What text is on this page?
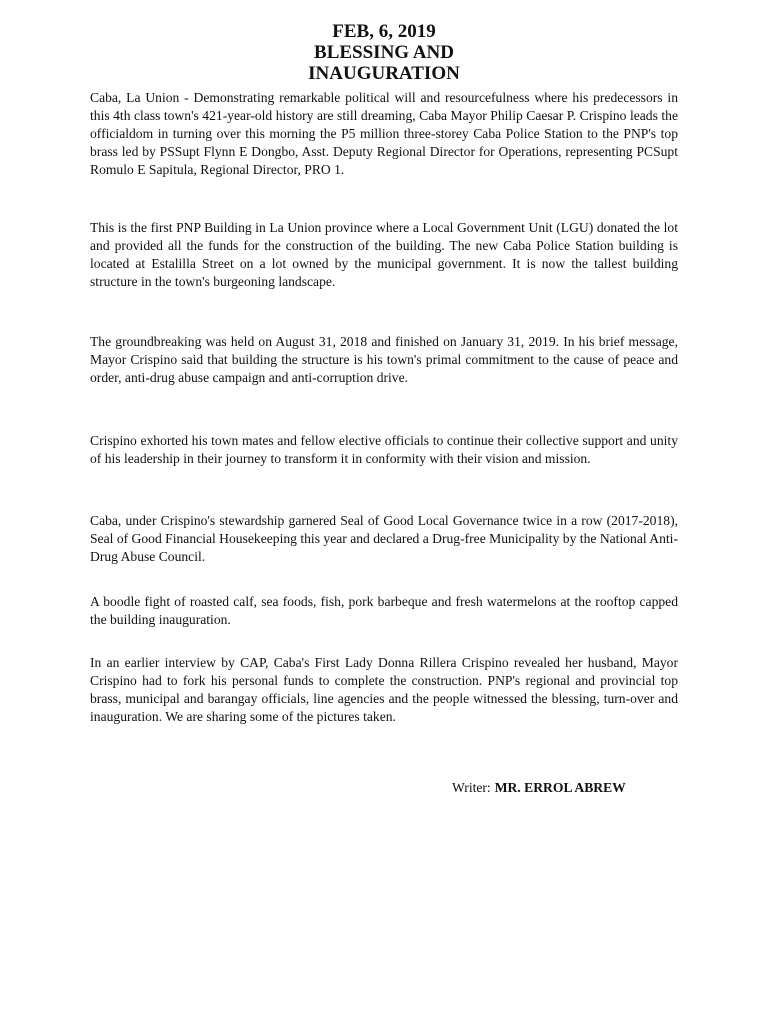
FEB, 6, 2019
BLESSING AND
INAUGURATION

Caba, La Union - Demonstrating remarkable political will and resourcefulness where his predecessors in this 4th class town's 421-year-old history are still dreaming, Caba Mayor Philip Caesar P. Crispino leads the officialdom in turning over this morning the P5 million three-storey Caba Police Station to the PNP's top brass led by PSSupt Flynn E Dongbo, Asst. Deputy Regional Director for Operations, representing PCSupt Romulo E Sapitula, Regional Director, PRO 1.

This is the first PNP Building in La Union province where a Local Government Unit (LGU) donated the lot and provided all the funds for the construction of the building. The new Caba Police Station building is located at Estalilla Street on a lot owned by the municipal government. It is now the tallest building structure in the town's burgeoning landscape.

The groundbreaking was held on August 31, 2018 and finished on January 31, 2019. In his brief message, Mayor Crispino said that building the structure is his town's primal commitment to the cause of peace and order, anti-drug abuse campaign and anti-corruption drive.

Crispino exhorted his town mates and fellow elective officials to continue their collective support and unity of his leadership in their journey to transform it in conformity with their vision and mission.

Caba, under Crispino's stewardship garnered Seal of Good Local Governance twice in a row (2017-2018), Seal of Good Financial Housekeeping this year and declared a Drug-free Municipality by the National Anti-Drug Abuse Council.

A boodle fight of roasted calf, sea foods, fish, pork barbeque and fresh watermelons at the rooftop capped the building inauguration.

In an earlier interview by CAP, Caba's First Lady Donna Rillera Crispino revealed her husband, Mayor Crispino had to fork his personal funds to complete the construction. PNP's regional and provincial top brass, municipal and barangay officials, line agencies and the people witnessed the blessing, turn-over and inauguration. We are sharing some of the pictures taken.

Writer: MR. ERROL ABREW
